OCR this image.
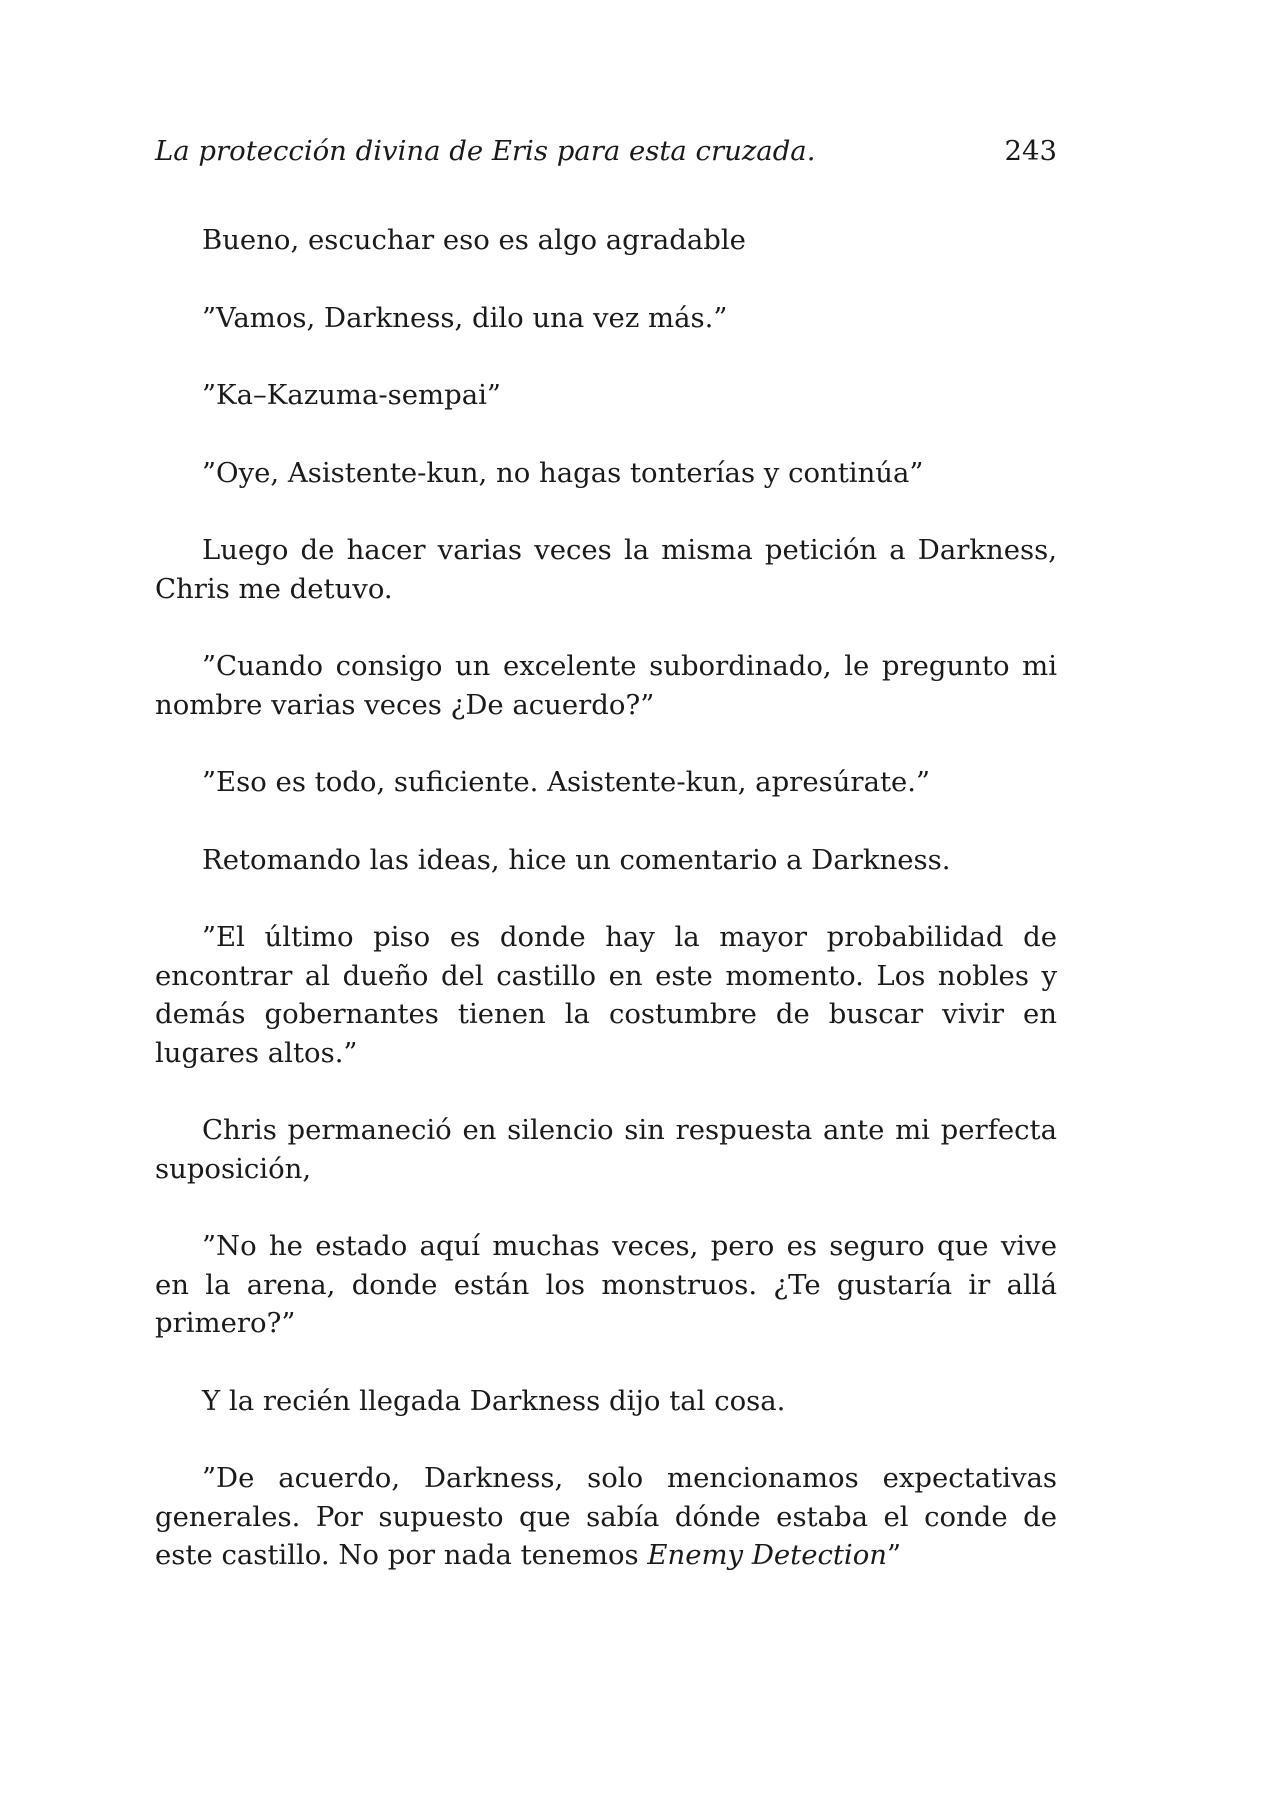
La protección divina de Eris para esta cruzada.	243

Bueno, escuchar eso es algo agradable

”Vamos, Darkness, dilo una vez más.”

”Ka–Kazuma-sempai”

”Oye, Asistente-kun, no hagas tonterías y continúa”

Luego de hacer varias veces la misma petición a Darkness, Chris me detuvo.

”Cuando consigo un excelente subordinado, le pregunto mi nombre varias veces ¿De acuerdo?”

”Eso es todo, suficiente. Asistente-kun, apresúrate.”

Retomando las ideas, hice un comentario a Darkness.

”El último piso es donde hay la mayor probabilidad de encontrar al dueño del castillo en este momento. Los nobles y demás gobernantes tienen la costumbre de buscar vivir en lugares altos.”

Chris permaneció en silencio sin respuesta ante mi perfecta suposición,

”No he estado aquí muchas veces, pero es seguro que vive en la arena, donde están los monstruos. ¿Te gustaría ir allá primero?”

Y la recién llegada Darkness dijo tal cosa.

”De acuerdo, Darkness, solo mencionamos expectativas generales. Por supuesto que sabía dónde estaba el conde de este castillo. No por nada tenemos Enemy Detection”
